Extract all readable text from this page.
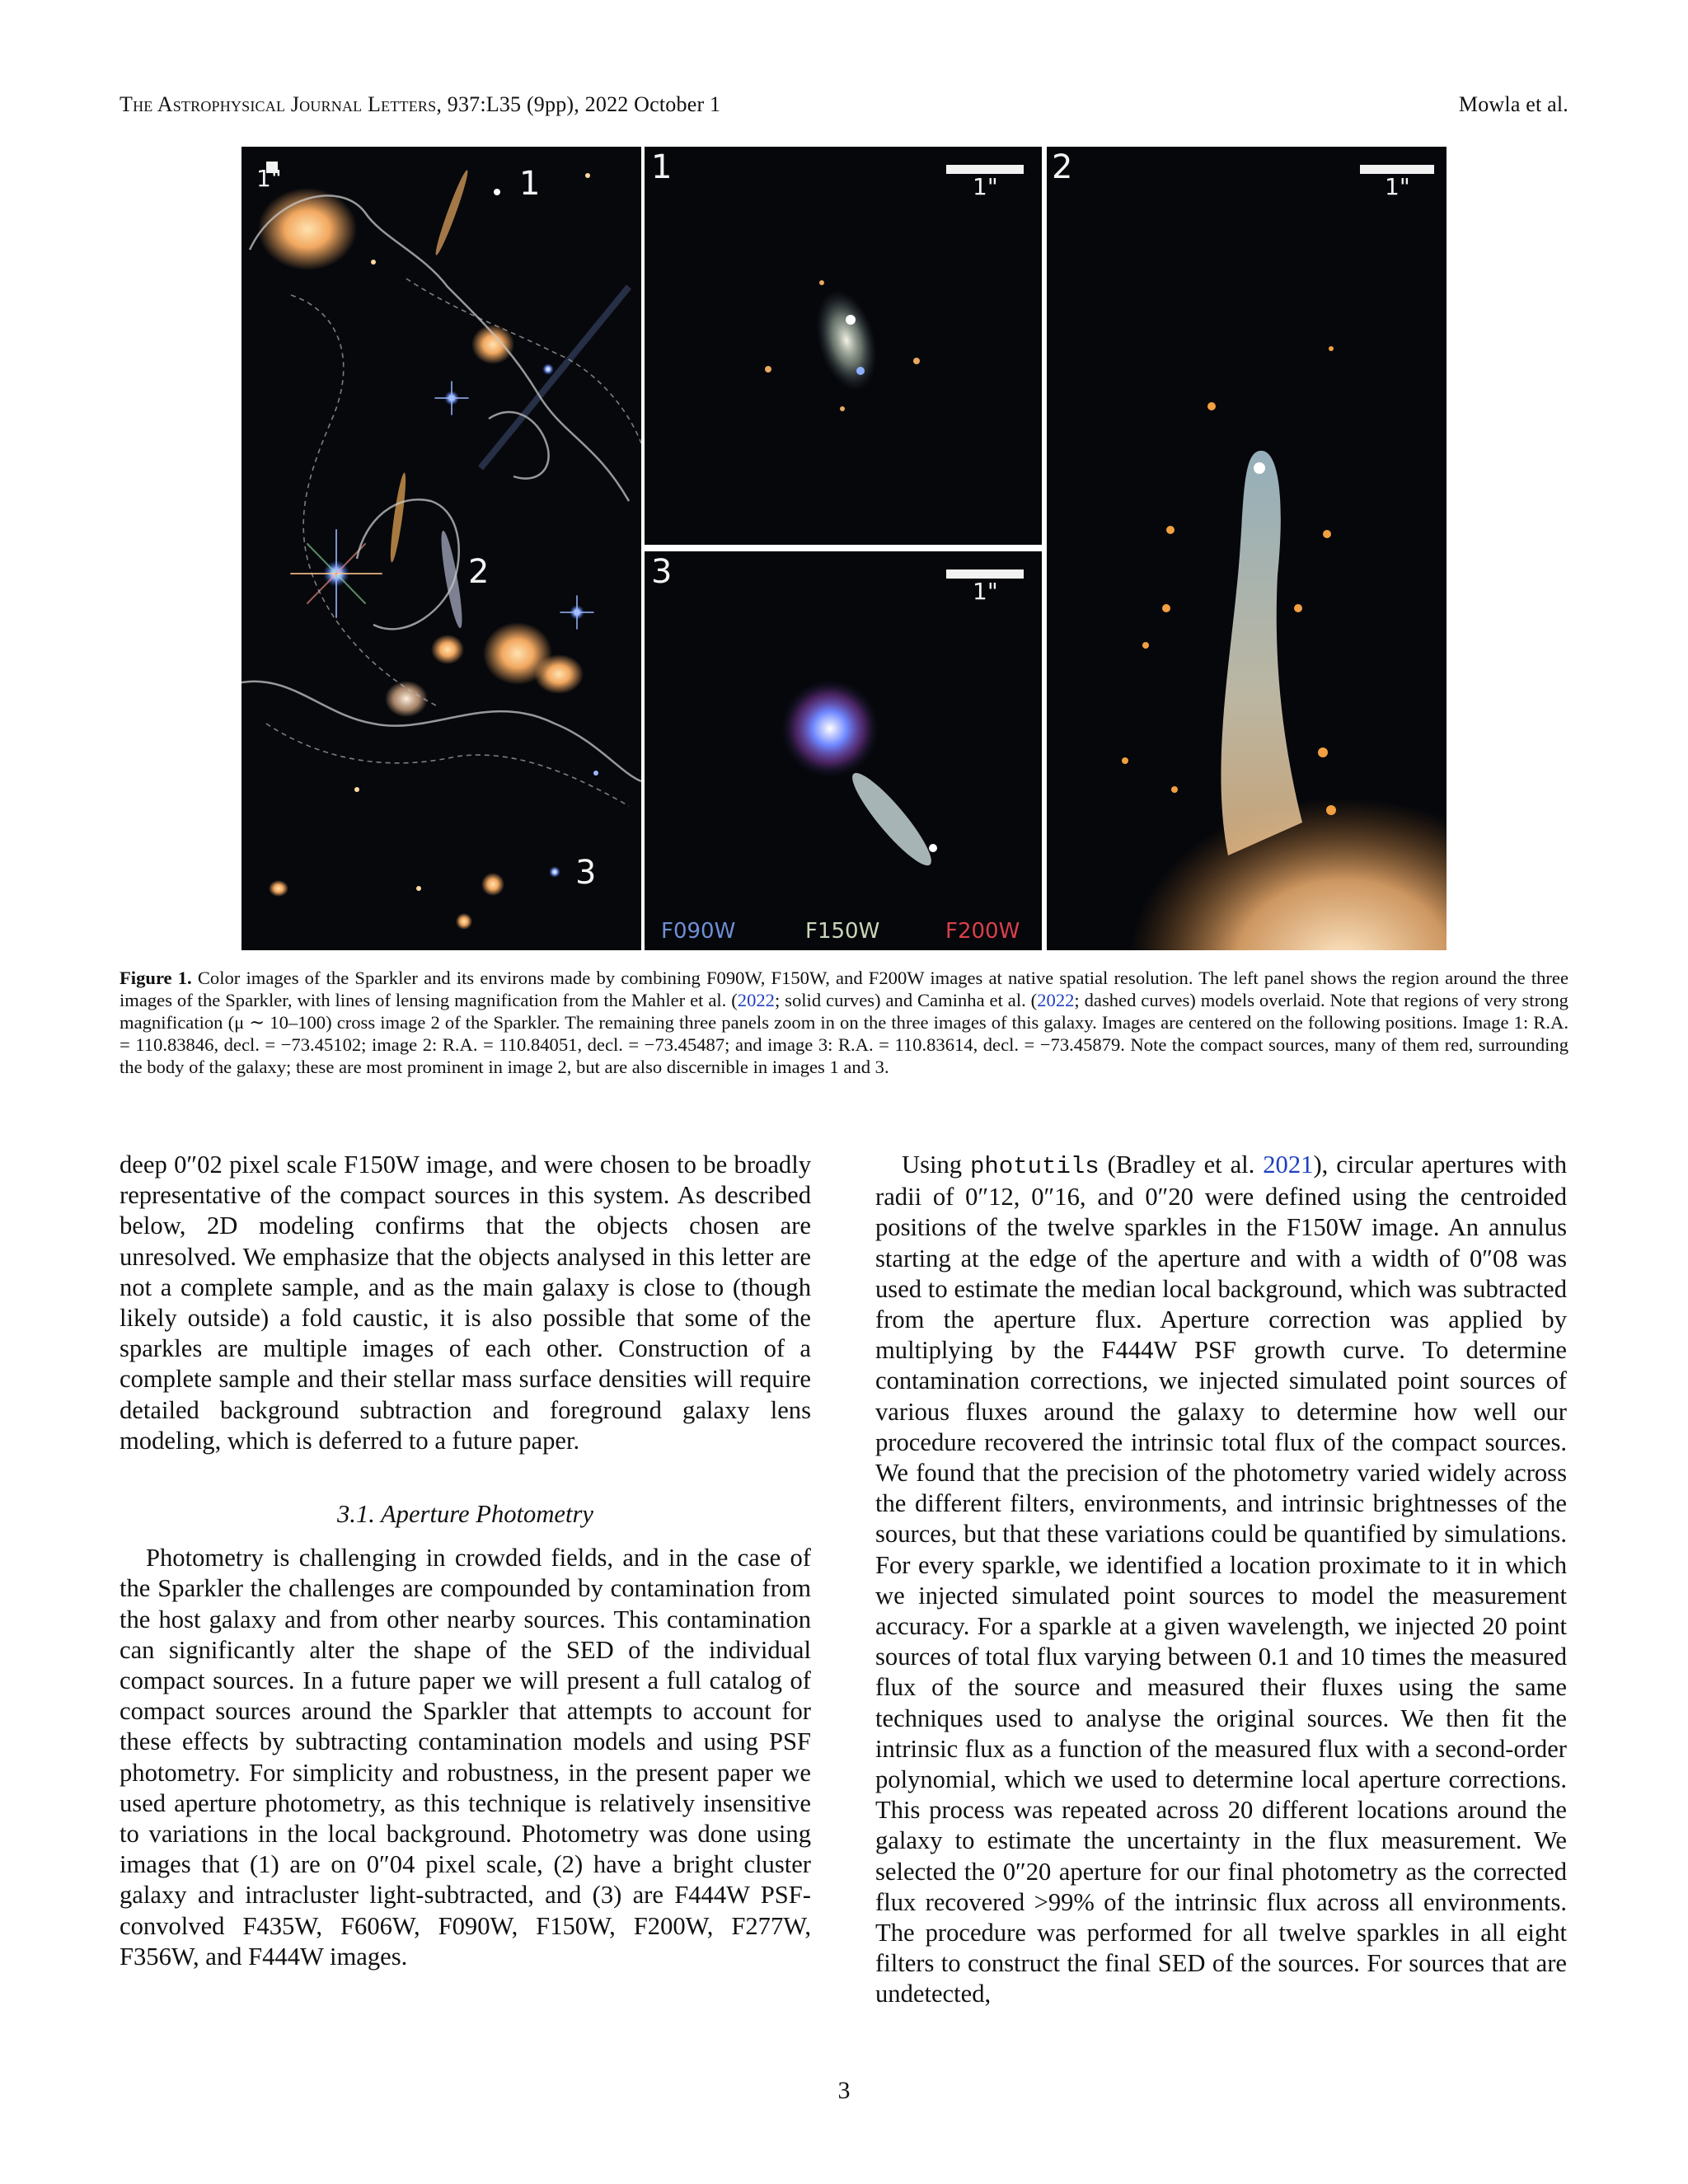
The Astrophysical Journal Letters, 937:L35 (9pp), 2022 October 1	Mowla et al.
1"	1
2
3
1
1"
3
1"
F090W	F150W	F200W
2
1"
Figure 1. Color images of the Sparkler and its environs made by combining F090W, F150W, and F200W images at native spatial resolution. The left panel shows the region around the three images of the Sparkler, with lines of lensing magnification from the Mahler et al. (2022; solid curves) and Caminha et al. (2022; dashed curves) models overlaid. Note that regions of very strong magnification (μ ∼ 10–100) cross image 2 of the Sparkler. The remaining three panels zoom in on the three images of this galaxy. Images are centered on the following positions. Image 1: R.A. = 110.83846, decl. = −73.45102; image 2: R.A. = 110.84051, decl. = −73.45487; and image 3: R.A. = 110.83614, decl. = −73.45879. Note the compact sources, many of them red, surrounding the body of the galaxy; these are most prominent in image 2, but are also discernible in images 1 and 3.

deep 0″02 pixel scale F150W image, and were chosen to be broadly representative of the compact sources in this system. As described below, 2D modeling confirms that the objects chosen are unresolved. We emphasize that the objects analysed in this letter are not a complete sample, and as the main galaxy is close to (though likely outside) a fold caustic, it is also possible that some of the sparkles are multiple images of each other. Construction of a complete sample and their stellar mass surface densities will require detailed background subtraction and foreground galaxy lens modeling, which is deferred to a future paper.

3.1. Aperture Photometry

Photometry is challenging in crowded fields, and in the case of the Sparkler the challenges are compounded by contamination from the host galaxy and from other nearby sources. This contamination can significantly alter the shape of the SED of the individual compact sources. In a future paper we will present a full catalog of compact sources around the Sparkler that attempts to account for these effects by subtracting contamination models and using PSF photometry. For simplicity and robustness, in the present paper we used aperture photometry, as this technique is relatively insensitive to variations in the local background. Photometry was done using images that (1) are on 0″04 pixel scale, (2) have a bright cluster galaxy and intracluster light-subtracted, and (3) are F444W PSF-convolved F435W, F606W, F090W, F150W, F200W, F277W, F356W, and F444W images.

Using photutils (Bradley et al. 2021), circular apertures with radii of 0″12, 0″16, and 0″20 were defined using the centroided positions of the twelve sparkles in the F150W image. An annulus starting at the edge of the aperture and with a width of 0″08 was used to estimate the median local background, which was subtracted from the aperture flux. Aperture correction was applied by multiplying by the F444W PSF growth curve. To determine contamination corrections, we injected simulated point sources of various fluxes around the galaxy to determine how well our procedure recovered the intrinsic total flux of the compact sources. We found that the precision of the photometry varied widely across the different filters, environments, and intrinsic brightnesses of the sources, but that these variations could be quantified by simulations. For every sparkle, we identified a location proximate to it in which we injected simulated point sources to model the measurement accuracy. For a sparkle at a given wavelength, we injected 20 point sources of total flux varying between 0.1 and 10 times the measured flux of the source and measured their fluxes using the same techniques used to analyse the original sources. We then fit the intrinsic flux as a function of the measured flux with a second-order polynomial, which we used to determine local aperture corrections. This process was repeated across 20 different locations around the galaxy to estimate the uncertainty in the flux measurement. We selected the 0″20 aperture for our final photometry as the corrected flux recovered >99% of the intrinsic flux across all environments. The procedure was performed for all twelve sparkles in all eight filters to construct the final SED of the sources. For sources that are undetected,

3
